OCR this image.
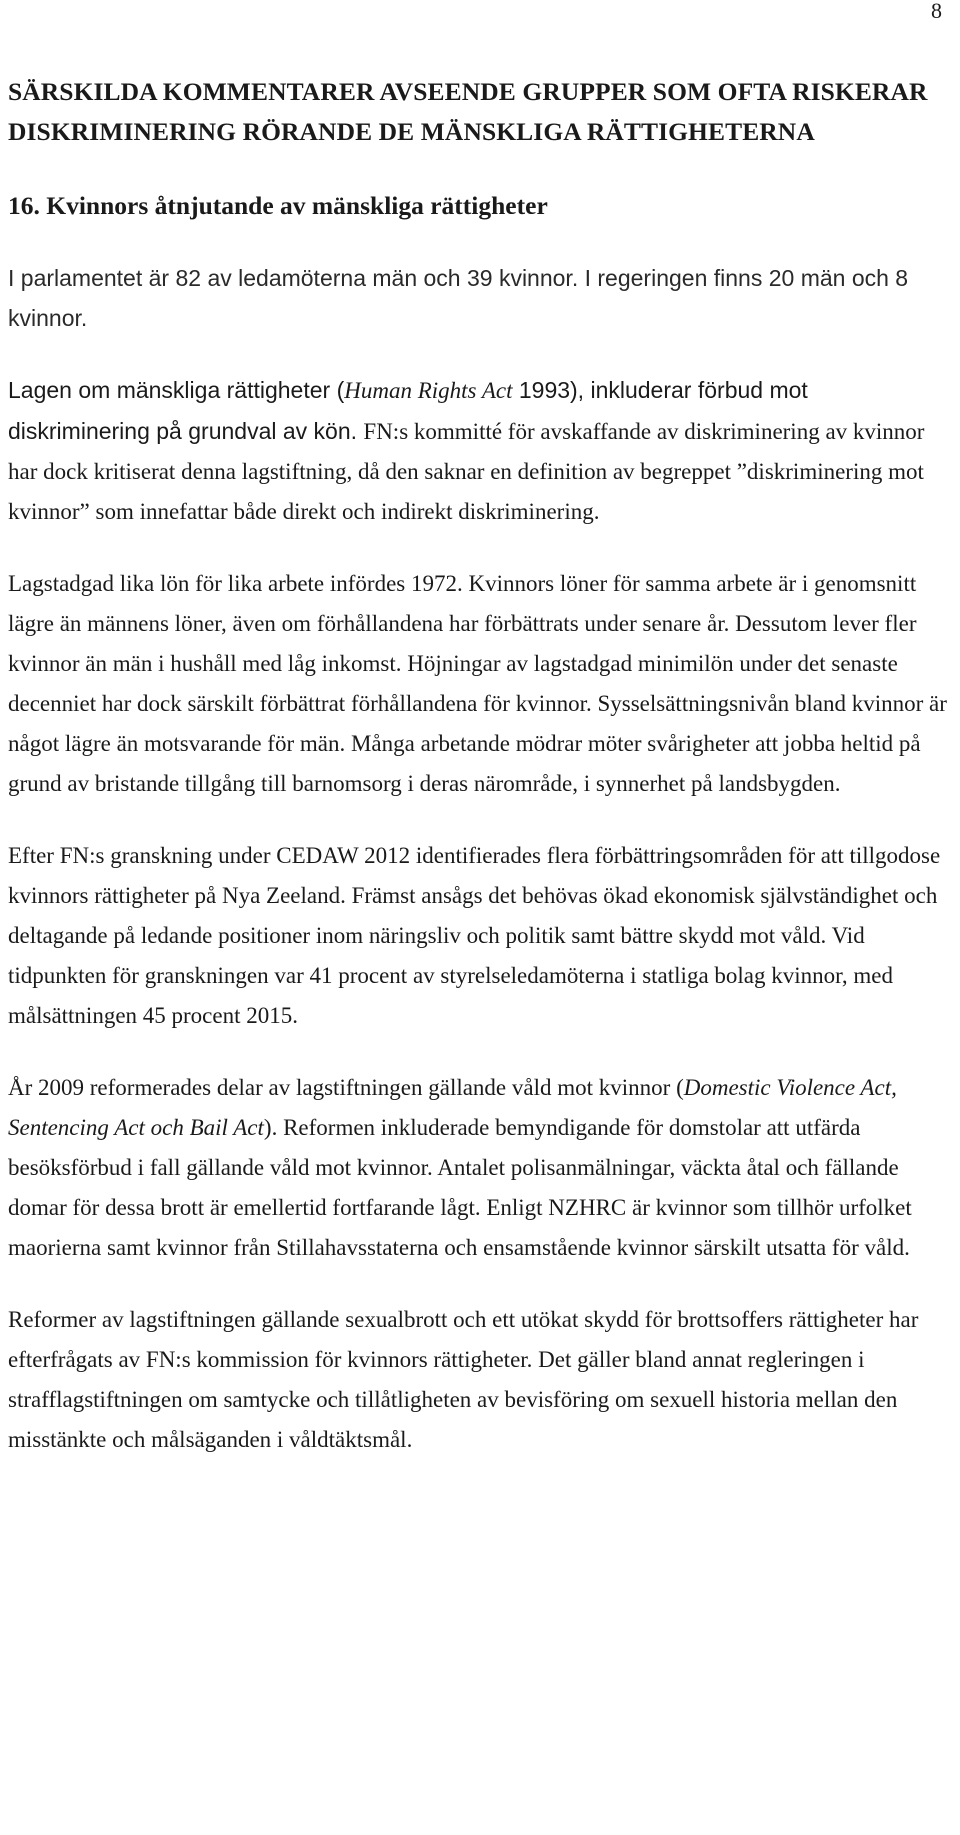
8
SÄRSKILDA KOMMENTARER AVSEENDE GRUPPER SOM OFTA RISKERAR DISKRIMINERING RÖRANDE DE MÄNSKLIGA RÄTTIGHETERNA
16. Kvinnors åtnjutande av mänskliga rättigheter

I parlamentet är 82 av ledamöterna män och 39 kvinnor. I regeringen finns 20 män och 8 kvinnor.

Lagen om mänskliga rättigheter (Human Rights Act 1993), inkluderar förbud mot diskriminering på grundval av kön. FN:s kommitté för avskaffande av diskriminering av kvinnor har dock kritiserat denna lagstiftning, då den saknar en definition av begreppet ”diskriminering mot kvinnor” som innefattar både direkt och indirekt diskriminering.

Lagstadgad lika lön för lika arbete infördes 1972. Kvinnors löner för samma arbete är i genomsnitt lägre än männens löner, även om förhållandena har förbättrats under senare år. Dessutom lever fler kvinnor än män i hushåll med låg inkomst. Höjningar av lagstadgad minimilön under det senaste decenniet har dock särskilt förbättrat förhållandena för kvinnor. Sysselsättningsnivån bland kvinnor är något lägre än motsvarande för män. Många arbetande mödrar möter svårigheter att jobba heltid på grund av bristande tillgång till barnomsorg i deras närområde, i synnerhet på landsbygden.

Efter FN:s granskning under CEDAW 2012 identifierades flera förbättringsområden för att tillgodose kvinnors rättigheter på Nya Zeeland. Främst ansågs det behövas ökad ekonomisk självständighet och deltagande på ledande positioner inom näringsliv och politik samt bättre skydd mot våld. Vid tidpunkten för granskningen var 41 procent av styrelseledamöterna i statliga bolag kvinnor, med målsättningen 45 procent 2015.

År 2009 reformerades delar av lagstiftningen gällande våld mot kvinnor (Domestic Violence Act, Sentencing Act och Bail Act). Reformen inkluderade bemyndigande för domstolar att utfärda besöksförbud i fall gällande våld mot kvinnor. Antalet polisanmälningar, väckta åtal och fällande domar för dessa brott är emellertid fortfarande lågt. Enligt NZHRC är kvinnor som tillhör urfolket maorierna samt kvinnor från Stillahavsstaterna och ensamstående kvinnor särskilt utsatta för våld.

Reformer av lagstiftningen gällande sexualbrott och ett utökat skydd för brottsoffers rättigheter har efterfrågats av FN:s kommission för kvinnors rättigheter. Det gäller bland annat regleringen i strafflagstiftningen om samtycke och tillåtligheten av bevisföring om sexuell historia mellan den misstänkte och målsäganden i våldtäktsmål.
